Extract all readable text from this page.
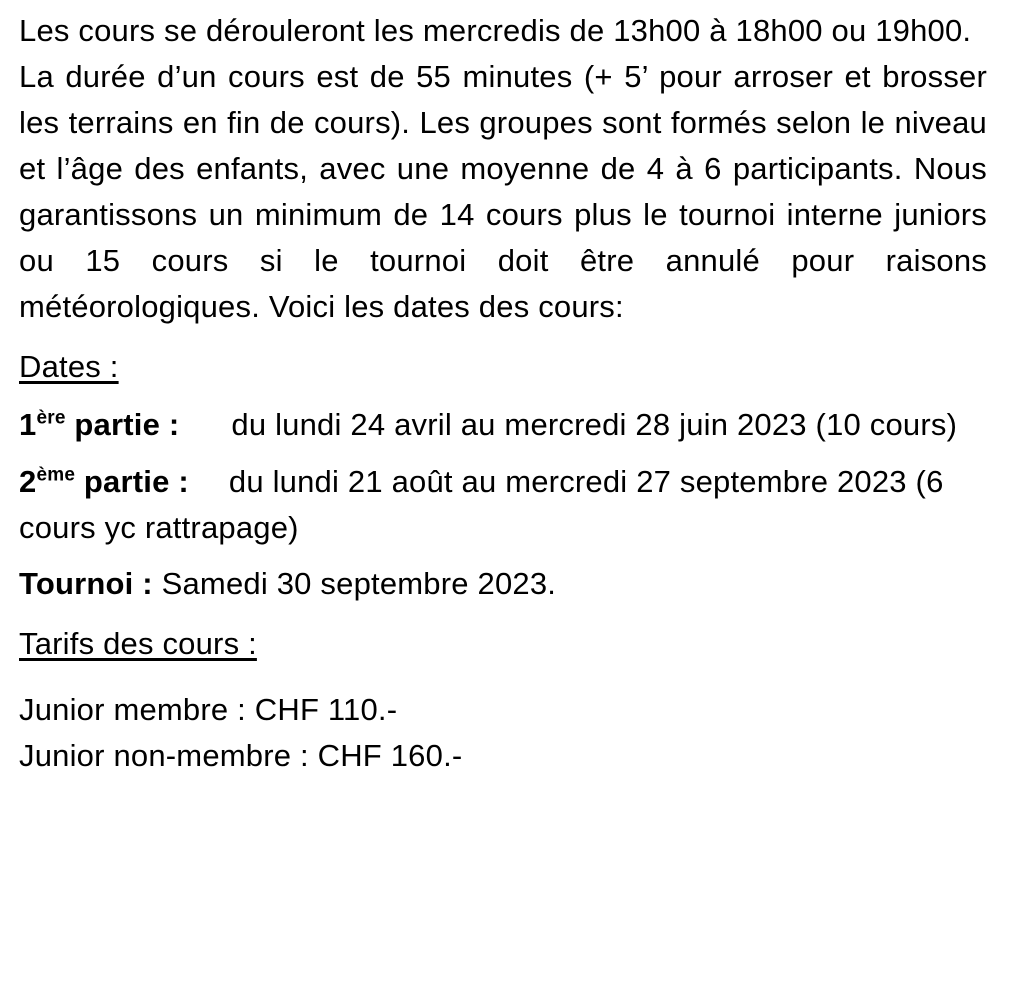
Les cours se dérouleront les mercredis de 13h00 à 18h00 ou 19h00.

La durée d’un cours est de 55 minutes (+ 5’ pour arroser et brosser les terrains en fin de cours). Les groupes sont formés selon le niveau et l’âge des enfants, avec une moyenne de 4 à 6 participants. Nous garantissons un minimum de 14 cours plus le tournoi interne juniors ou 15 cours si le tournoi doit être annulé pour raisons météorologiques. Voici les dates des cours:

Dates :

1ère partie : du lundi 24 avril au mercredi 28 juin 2023 (10 cours)

2ème partie : du lundi 21 août au mercredi 27 septembre 2023 (6 cours yc rattrapage)

Tournoi : Samedi 30 septembre 2023.

Tarifs des cours :

Junior membre : CHF 110.-
Junior non-membre : CHF 160.-
